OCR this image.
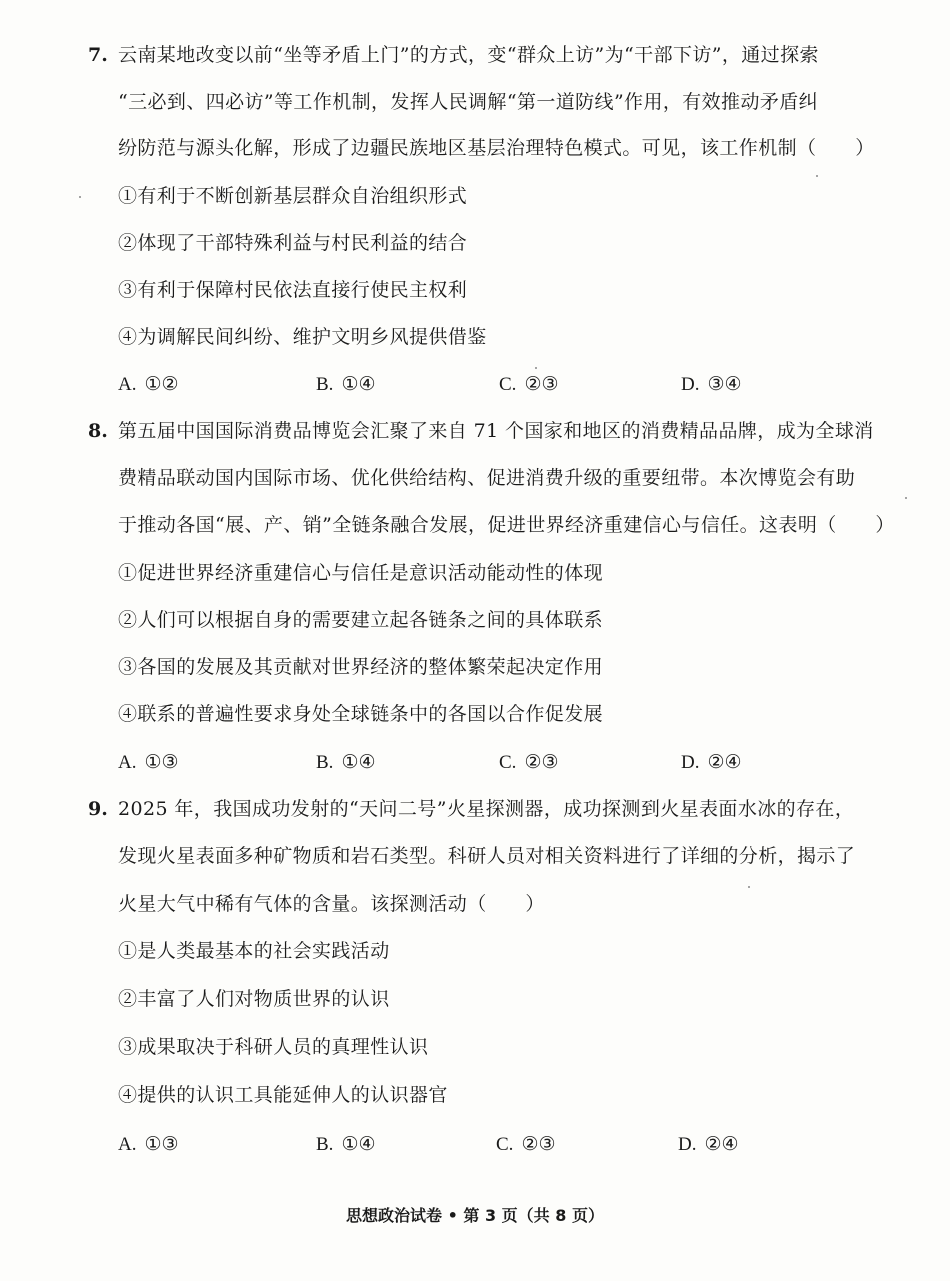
7. 云南某地改变以前“坐等矛盾上门”的方式，变“群众上访”为“干部下访”，通过探索
“三必到、四必访”等工作机制，发挥人民调解“第一道防线”作用，有效推动矛盾纠
纷防范与源头化解，形成了边疆民族地区基层治理特色模式。可见，该工作机制（　　）
①有利于不断创新基层群众自治组织形式
②体现了干部特殊利益与村民利益的结合
③有利于保障村民依法直接行使民主权利
④为调解民间纠纷、维护文明乡风提供借鉴
A. ①②	B. ①④	C. ②③	D. ③④
8. 第五届中国国际消费品博览会汇聚了来自 71 个国家和地区的消费精品品牌，成为全球消
费精品联动国内国际市场、优化供给结构、促进消费升级的重要纽带。本次博览会有助
于推动各国“展、产、销”全链条融合发展，促进世界经济重建信心与信任。这表明（　　）
①促进世界经济重建信心与信任是意识活动能动性的体现
②人们可以根据自身的需要建立起各链条之间的具体联系
③各国的发展及其贡献对世界经济的整体繁荣起决定作用
④联系的普遍性要求身处全球链条中的各国以合作促发展
A. ①③	B. ①④	C. ②③	D. ②④
9. 2025 年，我国成功发射的“天问二号”火星探测器，成功探测到火星表面水冰的存在，
发现火星表面多种矿物质和岩石类型。科研人员对相关资料进行了详细的分析，揭示了
火星大气中稀有气体的含量。该探测活动（　　）
①是人类最基本的社会实践活动
②丰富了人们对物质世界的认识
③成果取决于科研人员的真理性认识
④提供的认识工具能延伸人的认识器官
A. ①③	B. ①④	C. ②③	D. ②④
思想政治试卷 • 第 3 页（共 8 页）
